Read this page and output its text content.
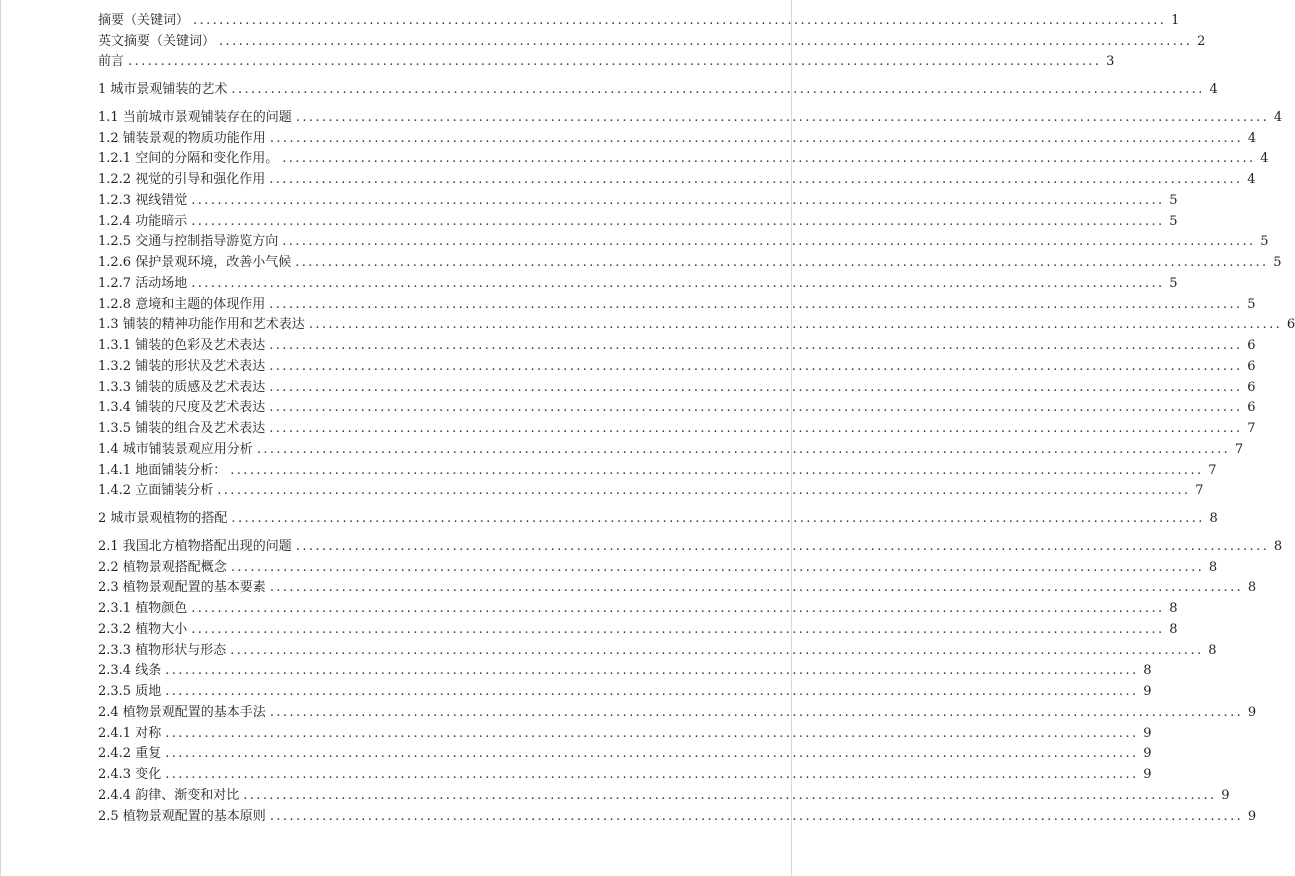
摘要（关键词） ..................................................................................................................................................... 1
英文摘要（关键词） ..................................................................................................................................................... 2
前言 ..................................................................................................................................................... 3
1 城市景观铺装的艺术 ..................................................................................................................................................... 4
1.1 当前城市景观铺装存在的问题 ..................................................................................................................................................... 4
1.2 铺装景观的物质功能作用 ..................................................................................................................................................... 4
1.2.1 空间的分隔和变化作用。 ..................................................................................................................................................... 4
1.2.2 视觉的引导和强化作用 ..................................................................................................................................................... 4
1.2.3 视线错觉 ..................................................................................................................................................... 5
1.2.4 功能暗示 ..................................................................................................................................................... 5
1.2.5 交通与控制指导游览方向 ..................................................................................................................................................... 5
1.2.6 保护景观环境，改善小气候 ..................................................................................................................................................... 5
1.2.7 活动场地 ..................................................................................................................................................... 5
1.2.8 意境和主题的体现作用 ..................................................................................................................................................... 5
1.3 铺装的精神功能作用和艺术表达 ..................................................................................................................................................... 6
1.3.1 铺装的色彩及艺术表达 ..................................................................................................................................................... 6
1.3.2 铺装的形状及艺术表达 ..................................................................................................................................................... 6
1.3.3 铺装的质感及艺术表达 ..................................................................................................................................................... 6
1.3.4 铺装的尺度及艺术表达 ..................................................................................................................................................... 6
1.3.5 铺装的组合及艺术表达 ..................................................................................................................................................... 7
1.4 城市铺装景观应用分析 ..................................................................................................................................................... 7
1.4.1 地面铺装分析： ..................................................................................................................................................... 7
1.4.2 立面铺装分析 ..................................................................................................................................................... 7
2 城市景观植物的搭配 ..................................................................................................................................................... 8
2.1 我国北方植物搭配出现的问题 ..................................................................................................................................................... 8
2.2 植物景观搭配概念 ..................................................................................................................................................... 8
2.3 植物景观配置的基本要素 ..................................................................................................................................................... 8
2.3.1 植物颜色 ..................................................................................................................................................... 8
2.3.2 植物大小 ..................................................................................................................................................... 8
2.3.3 植物形状与形态 ..................................................................................................................................................... 8
2.3.4 线条 ..................................................................................................................................................... 8
2.3.5 质地 ..................................................................................................................................................... 9
2.4 植物景观配置的基本手法 ..................................................................................................................................................... 9
2.4.1 对称 ..................................................................................................................................................... 9
2.4.2 重复 ..................................................................................................................................................... 9
2.4.3 变化 ..................................................................................................................................................... 9
2.4.4 韵律、渐变和对比 ..................................................................................................................................................... 9
2.5 植物景观配置的基本原则 ..................................................................................................................................................... 9
